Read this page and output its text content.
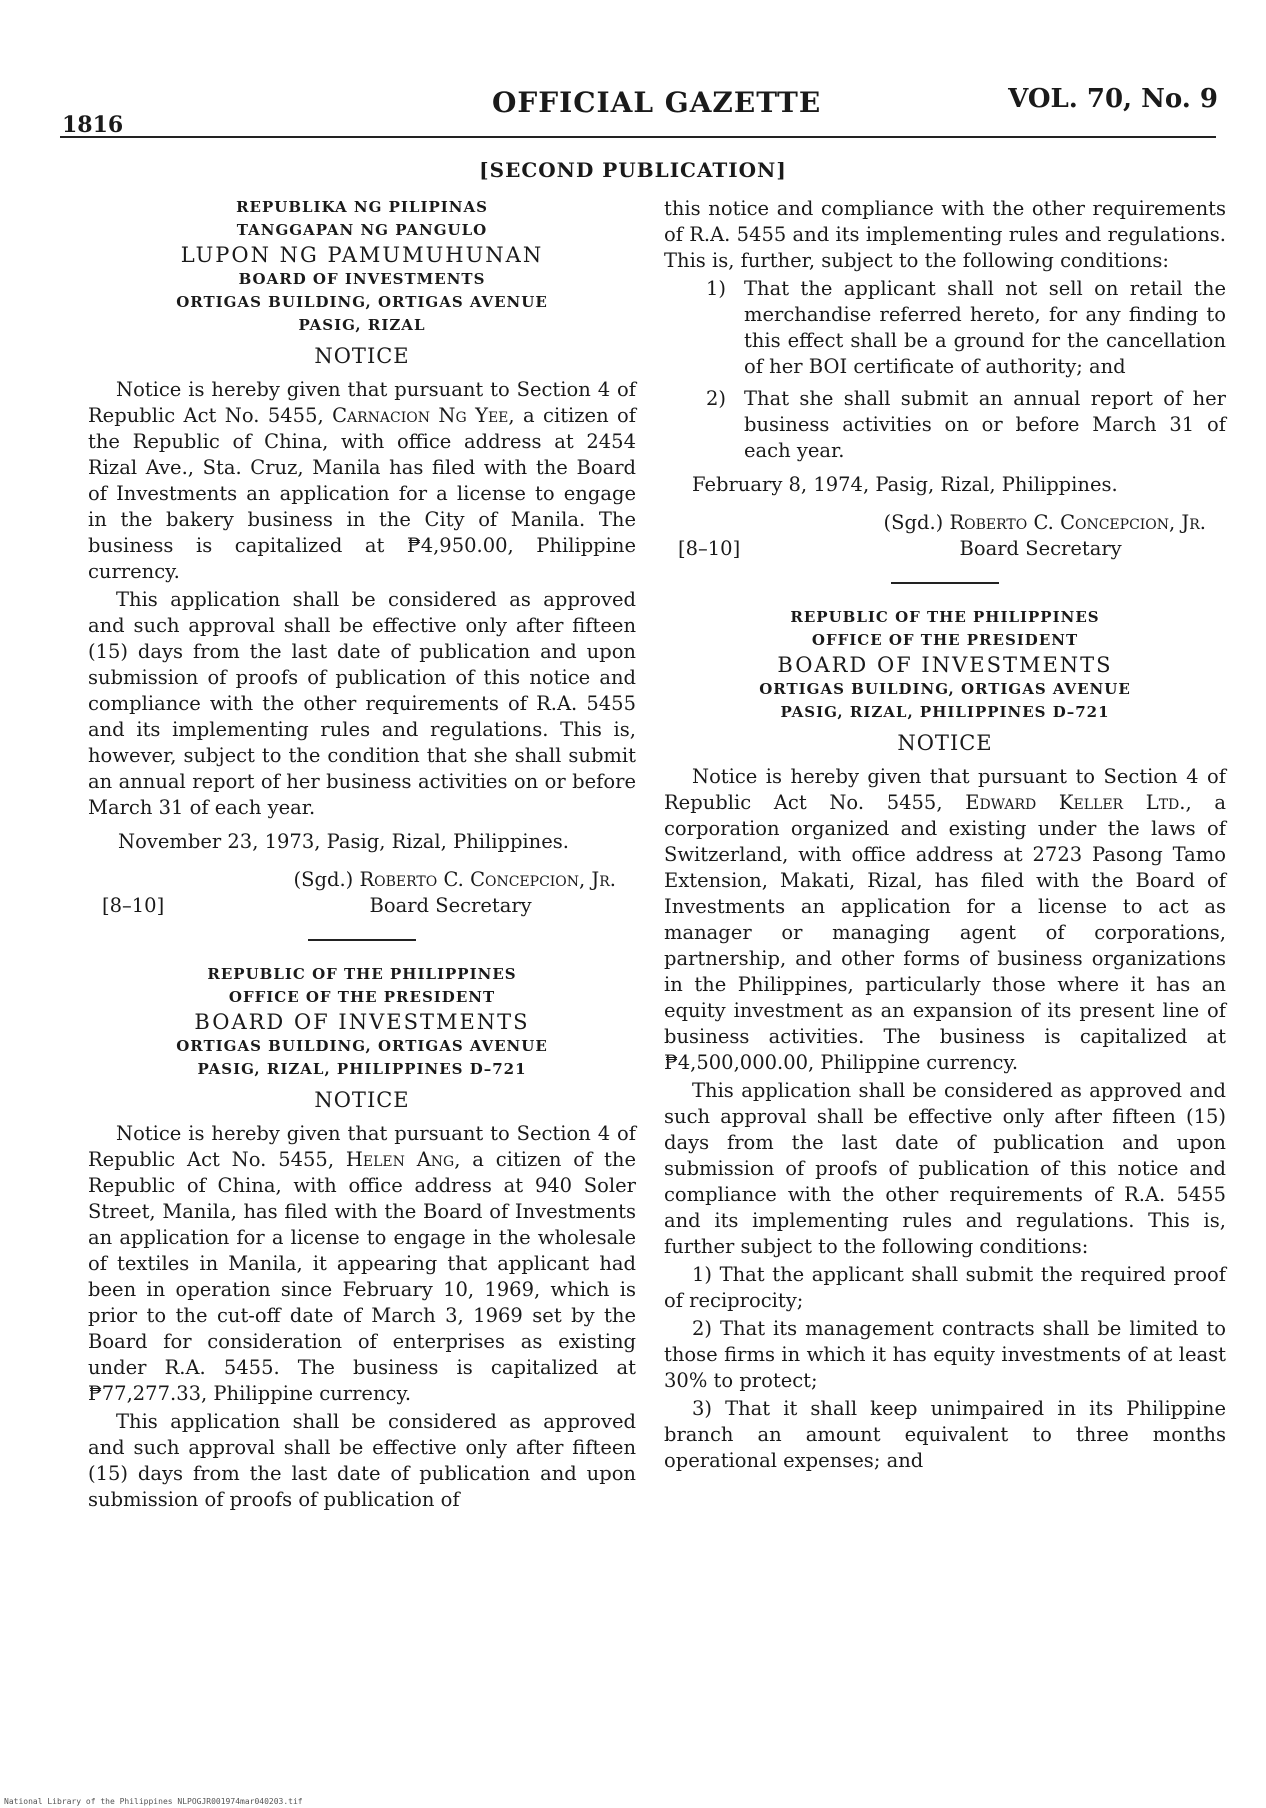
1816
OFFICIAL GAZETTE	VOL. 70, No. 9
[SECOND PUBLICATION]
REPUBLIKA NG PILIPINAS
TANGGAPAN NG PANGULO
LUPON NG PAMUMUHUNAN
BOARD OF INVESTMENTS
ORTIGAS BUILDING, ORTIGAS AVENUE
PASIG, RIZAL
NOTICE

Notice is hereby given that pursuant to Section 4 of Republic Act No. 5455, Carnacion Ng Yee, a citizen of the Republic of China, with office address at 2454 Rizal Ave., Sta. Cruz, Manila has filed with the Board of Investments an application for a license to engage in the bakery business in the City of Manila. The business is capitalized at ₱4,950.00, Philippine currency.

This application shall be considered as approved and such approval shall be effective only after fifteen (15) days from the last date of publication and upon submission of proofs of publication of this notice and compliance with the other requirements of R.A. 5455 and its implementing rules and regulations. This is, however, subject to the condition that she shall submit an annual report of her business activities on or before March 31 of each year.

November 23, 1973, Pasig, Rizal, Philippines.
[8–10]
(Sgd.) Roberto C. Concepcion, Jr.
Board Secretary
REPUBLIC OF THE PHILIPPINES
OFFICE OF THE PRESIDENT
BOARD OF INVESTMENTS
ORTIGAS BUILDING, ORTIGAS AVENUE
PASIG, RIZAL, PHILIPPINES D–721
NOTICE

Notice is hereby given that pursuant to Section 4 of Republic Act No. 5455, Helen Ang, a citizen of the Republic of China, with office address at 940 Soler Street, Manila, has filed with the Board of Investments an application for a license to engage in the wholesale of textiles in Manila, it appearing that applicant had been in operation since February 10, 1969, which is prior to the cut-off date of March 3, 1969 set by the Board for consideration of enterprises as existing under R.A. 5455. The business is capitalized at ₱77,277.33, Philippine currency.

This application shall be considered as approved and such approval shall be effective only after fifteen (15) days from the last date of publication and upon submission of proofs of publication of

this notice and compliance with the other requirements of R.A. 5455 and its implementing rules and regulations. This is, further, subject to the following conditions:

1) That the applicant shall not sell on retail the merchandise referred hereto, for any finding to this effect shall be a ground for the cancellation of her BOI certificate of authority; and
2) That she shall submit an annual report of her business activities on or before March 31 of each year.
February 8, 1974, Pasig, Rizal, Philippines.
[8–10]
(Sgd.) Roberto C. Concepcion, Jr.
Board Secretary
REPUBLIC OF THE PHILIPPINES
OFFICE OF THE PRESIDENT
BOARD OF INVESTMENTS
ORTIGAS BUILDING, ORTIGAS AVENUE
PASIG, RIZAL, PHILIPPINES D–721
NOTICE

Notice is hereby given that pursuant to Section 4 of Republic Act No. 5455, Edward Keller Ltd., a corporation organized and existing under the laws of Switzerland, with office address at 2723 Pasong Tamo Extension, Makati, Rizal, has filed with the Board of Investments an application for a license to act as manager or managing agent of corporations, partnership, and other forms of business organizations in the Philippines, particularly those where it has an equity investment as an expansion of its present line of business activities. The business is capitalized at ₱4,500,000.00, Philippine currency.

This application shall be considered as approved and such approval shall be effective only after fifteen (15) days from the last date of publication and upon submission of proofs of publication of this notice and compliance with the other requirements of R.A. 5455 and its implementing rules and regulations. This is, further subject to the following conditions:

1) That the applicant shall submit the required proof of reciprocity;

2) That its management contracts shall be limited to those firms in which it has equity investments of at least 30% to protect;

3) That it shall keep unimpaired in its Philippine branch an amount equivalent to three months operational expenses; and

National Library of the Philippines NLPOGJR001974mar040203.tif
